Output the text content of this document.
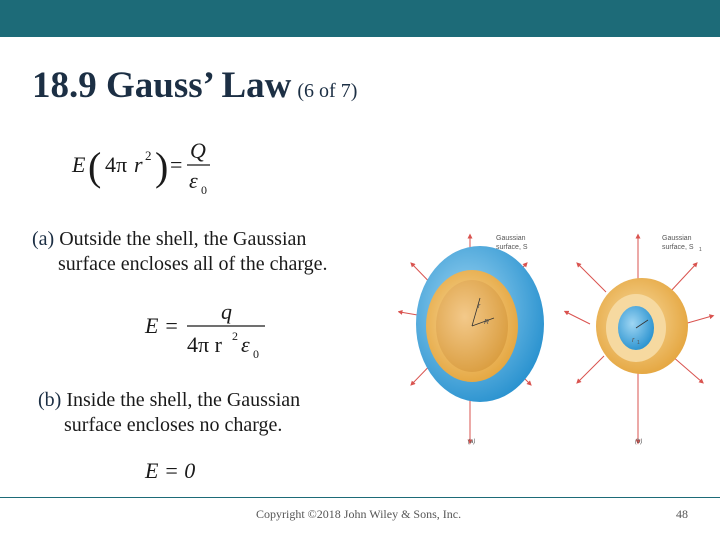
18.9 Gauss’ Law (6 of 7)
E ( 4π r 2 ) =
Q
ε 0
(a) Outside the shell, the Gaussian
surface encloses all of the charge.
E =
q
4π r 2 ε 0
(b) Inside the shell, the Gaussian
surface encloses no charge.
E = 0
R
r
Gaussian
surface, S
(a)
r 1
Gaussian
surface, S 1
(b)
Copyright ©2018 John Wiley & Sons, Inc.	48
